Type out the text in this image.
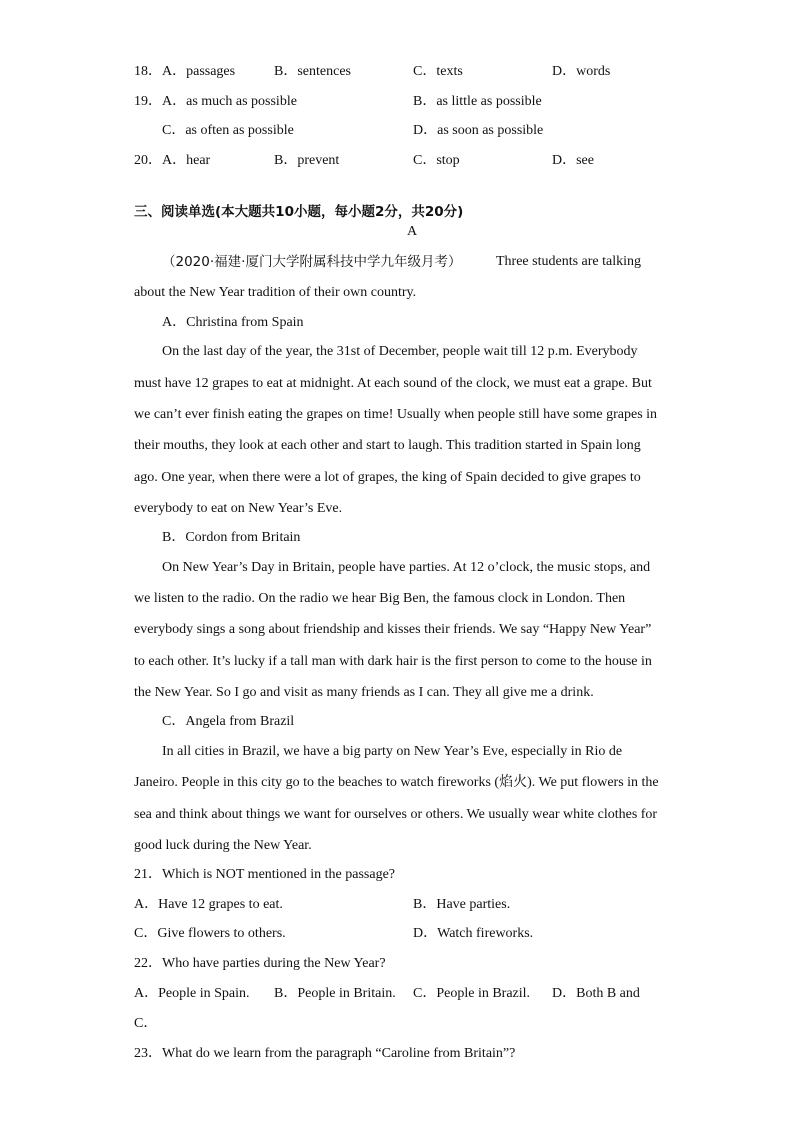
18． A．passages	B．sentences	C．texts	D．words
19． A．as much as possible	B．as little as possible
C．as often as possible	D．as soon as possible
20． A．hear	B．prevent	C．stop	D．see
三、阅读单选(本大题共10小题，每小题2分，共20分)
A
（2020·福建·厦门大学附属科技中学九年级月考） Three students are talking
about the New Year tradition of their own country.
A．Christina from Spain
On the last day of the year, the 31st of December, people wait till 12 p.m. Everybody
must have 12 grapes to eat at midnight. At each sound of the clock, we must eat a grape. But
we can’t ever finish eating the grapes on time! Usually when people still have some grapes in
their mouths, they look at each other and start to laugh. This tradition started in Spain long
ago. One year, when there were a lot of grapes, the king of Spain decided to give grapes to
everybody to eat on New Year’s Eve.
B．Cordon from Britain
On New Year’s Day in Britain, people have parties. At 12 o’clock, the music stops, and
we listen to the radio. On the radio we hear Big Ben, the famous clock in London. Then
everybody sings a song about friendship and kisses their friends. We say “Happy New Year”
to each other. It’s lucky if a tall man with dark hair is the first person to come to the house in
the New Year. So I go and visit as many friends as I can. They all give me a drink.
C．Angela from Brazil
In all cities in Brazil, we have a big party on New Year’s Eve, especially in Rio de
Janeiro. People in this city go to the beaches to watch fireworks (焰火). We put flowers in the
sea and think about things we want for ourselves or others. We usually wear white clothes for
good luck during the New Year.
21．Which is NOT mentioned in the passage?
A．Have 12 grapes to eat.	B．Have parties.
C．Give flowers to others.	D．Watch fireworks.
22．Who have parties during the New Year?
A．People in Spain. B．People in Britain. C．People in Brazil. D．Both B and
C．
23．What do we learn from the paragraph “Caroline from Britain”?
